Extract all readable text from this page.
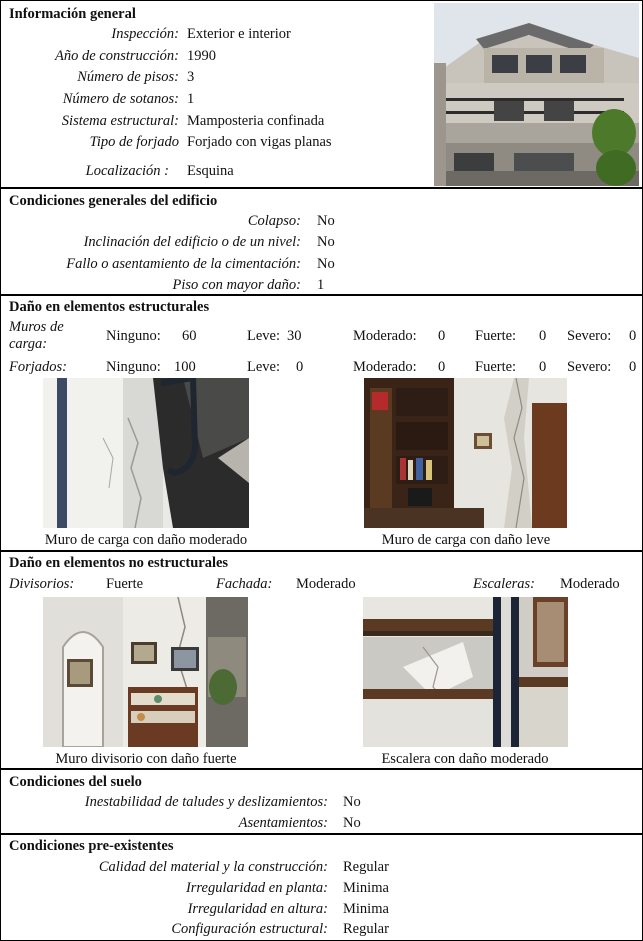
Información general
Inspección: Exterior e interior
Año de construcción: 1990
Número de pisos: 3
Número de sotanos: 1
Sistema estructural: Mamposteria confinada
Tipo de forjado Forjado con vigas planas
Localización : Esquina
Condiciones generales del edificio
Colapso: No
Inclinación del edificio o de un nivel: No
Fallo o asentamiento de la cimentación: No
Piso con mayor daño: 1
Daño en elementos estructurales
Muros de
carga:	Ninguno: 60	Leve: 30	Moderado: 0 Fuerte: 0 Severo: 0
Forjados:	Ninguno: 100	Leve: 0	Moderado: 0 Fuerte: 0 Severo: 0
Muro de carga con daño moderado	Muro de carga con daño leve
Daño en elementos no estructurales
Divisorios: Fuerte	Fachada: Moderado	Escaleras: Moderado
Muro divisorio con daño fuerte	Escalera con daño moderado
Condiciones del suelo
Inestabilidad de taludes y deslizamientos: No
Asentamientos: No
Condiciones pre-existentes
Calidad del material y la construcción: Regular
Irregularidad en planta: Minima
Irregularidad en altura: Minima
Configuración estructural: Regular
